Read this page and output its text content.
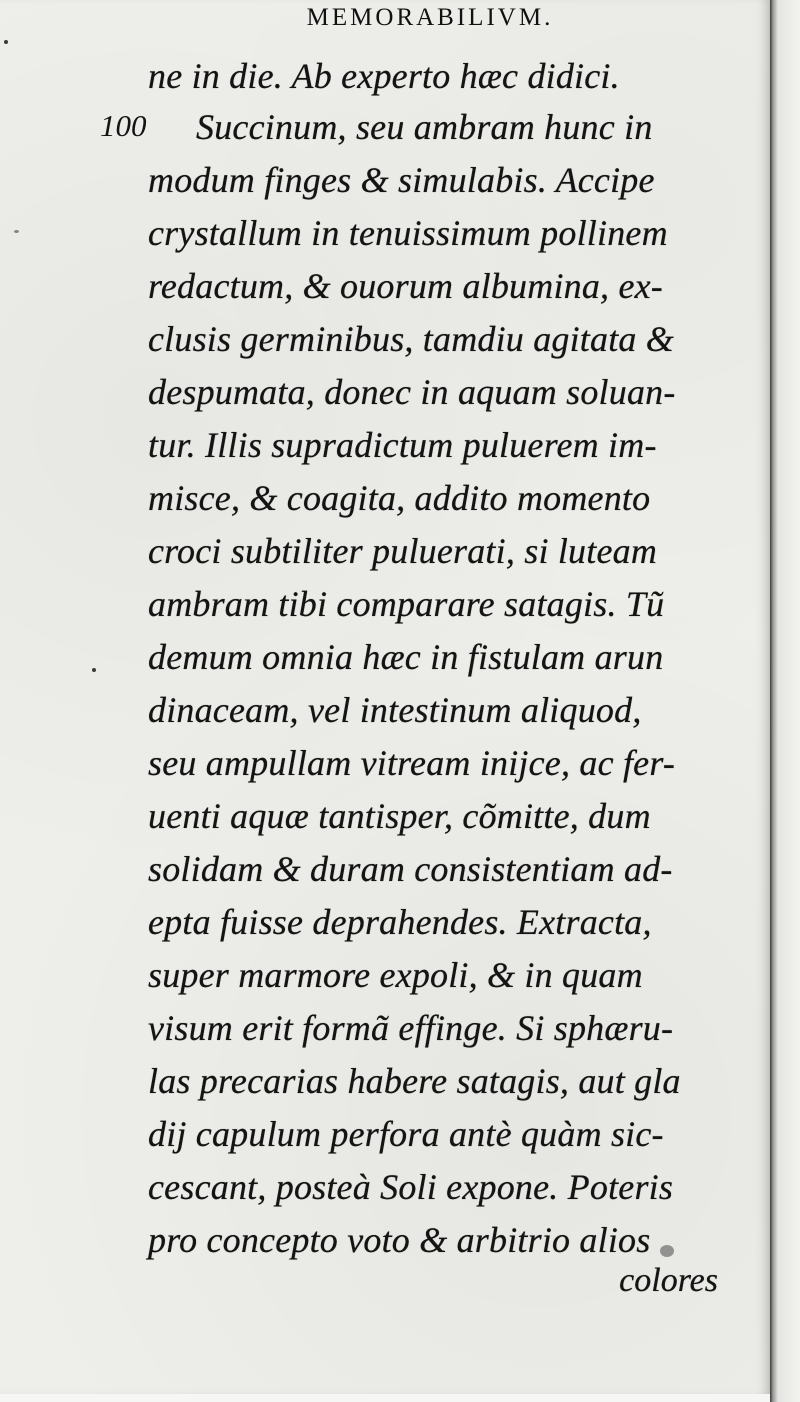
MEMORABILIVM.
100
ne in die. Ab experto hæc didici.
Succinum, seu ambram hunc in
modum finges & simulabis. Accipe
crystallum in tenuissimum pollinem
redactum, & ouorum albumina, ex-
clusis germinibus, tamdiu agitata &
despumata, donec in aquam soluan-
tur. Illis supradictum puluerem im-
misce, & coagita, addito momento
croci subtiliter puluerati, si luteam
ambram tibi comparare satagis. Tũ
demum omnia hæc in fistulam arun
dinaceam, vel intestinum aliquod,
seu ampullam vitream inijce, ac fer-
uenti aquæ tantisper, cõmitte, dum
solidam & duram consistentiam ad-
epta fuisse deprahendes. Extracta,
super marmore expoli, & in quam
visum erit formã effinge. Si sphæru-
las precarias habere satagis, aut gla
dij capulum perfora antè quàm sic-
cescant, posteà Soli expone. Poteris
pro concepto voto & arbitrio alios
colores
